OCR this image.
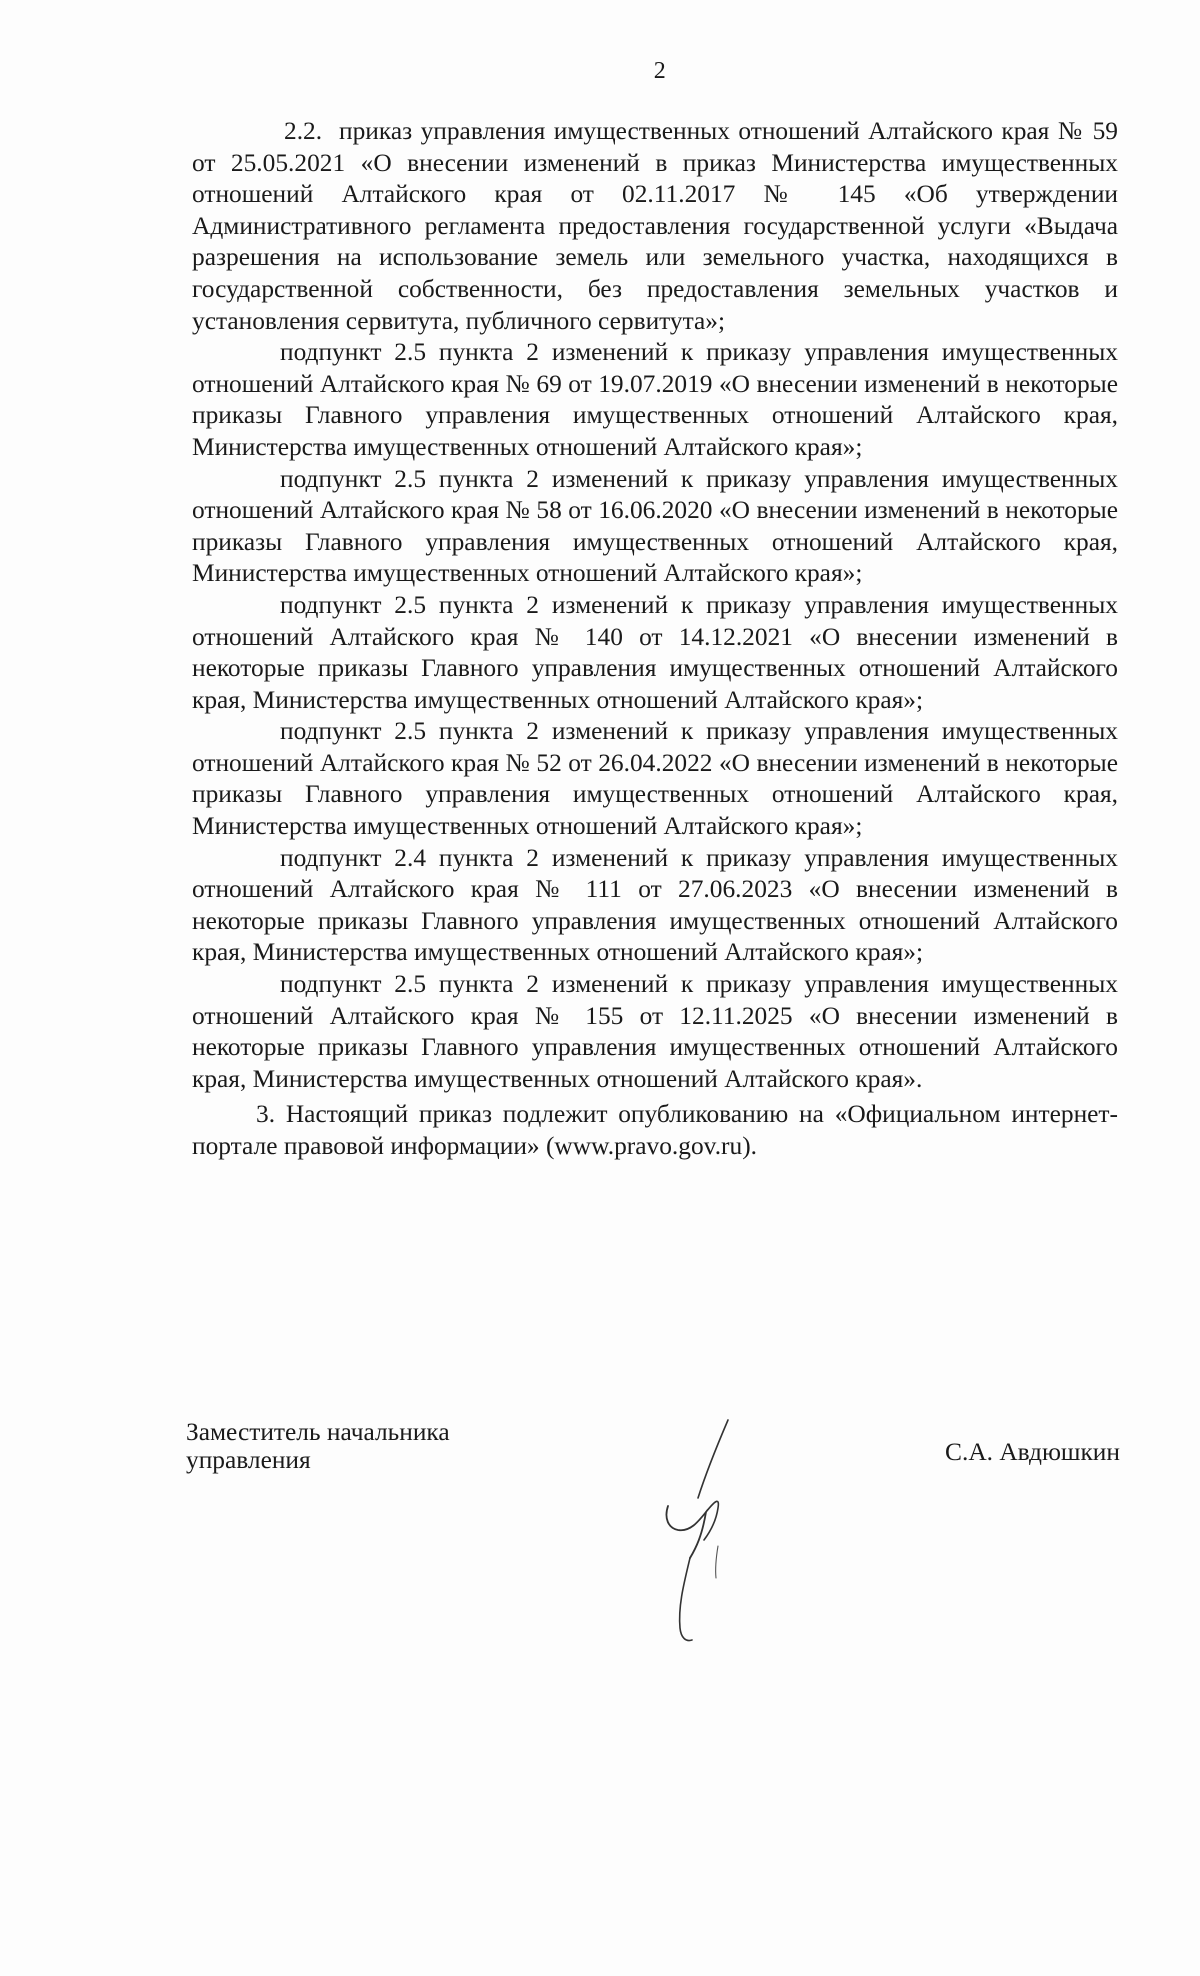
2

2.2.  приказ управления имущественных отношений Алтайского края № 59 от 25.05.2021 «О внесении изменений в приказ Министерства имущественных отношений Алтайского края от 02.11.2017 № 145 «Об утверждении Административного регламента предоставления государственной услуги «Выдача разрешения на использование земель или земельного участка, находящихся в государственной собственности, без предоставления земельных участков и установления сервитута, публичного сервитута»;

подпункт 2.5 пункта 2 изменений к приказу управления имущественных отношений Алтайского края № 69 от 19.07.2019 «О внесении изменений в некоторые приказы Главного управления имущественных отношений Алтайского края, Министерства имущественных отношений Алтайского края»;

подпункт 2.5 пункта 2 изменений к приказу управления имущественных отношений Алтайского края № 58 от 16.06.2020 «О внесении изменений в некоторые приказы Главного управления имущественных отношений Алтайского края, Министерства имущественных отношений Алтайского края»;

подпункт 2.5 пункта 2 изменений к приказу управления имущественных отношений Алтайского края № 140 от 14.12.2021 «О внесении изменений в некоторые приказы Главного управления имущественных отношений Алтайского края, Министерства имущественных отношений Алтайского края»;

подпункт 2.5 пункта 2 изменений к приказу управления имущественных отношений Алтайского края № 52 от 26.04.2022 «О внесении изменений в некоторые приказы Главного управления имущественных отношений Алтайского края, Министерства имущественных отношений Алтайского края»;

подпункт 2.4 пункта 2 изменений к приказу управления имущественных отношений Алтайского края № 111 от 27.06.2023 «О внесении изменений в некоторые приказы Главного управления имущественных отношений Алтайского края, Министерства имущественных отношений Алтайского края»;

подпункт 2.5 пункта 2 изменений к приказу управления имущественных отношений Алтайского края № 155 от 12.11.2025 «О внесении изменений в некоторые приказы Главного управления имущественных отношений Алтайского края, Министерства имущественных отношений Алтайского края».

3. Настоящий приказ подлежит опубликованию на «Официальном интернет-портале правовой информации» (www.pravo.gov.ru).

Заместитель начальника
управления	С.А. Авдюшкин
